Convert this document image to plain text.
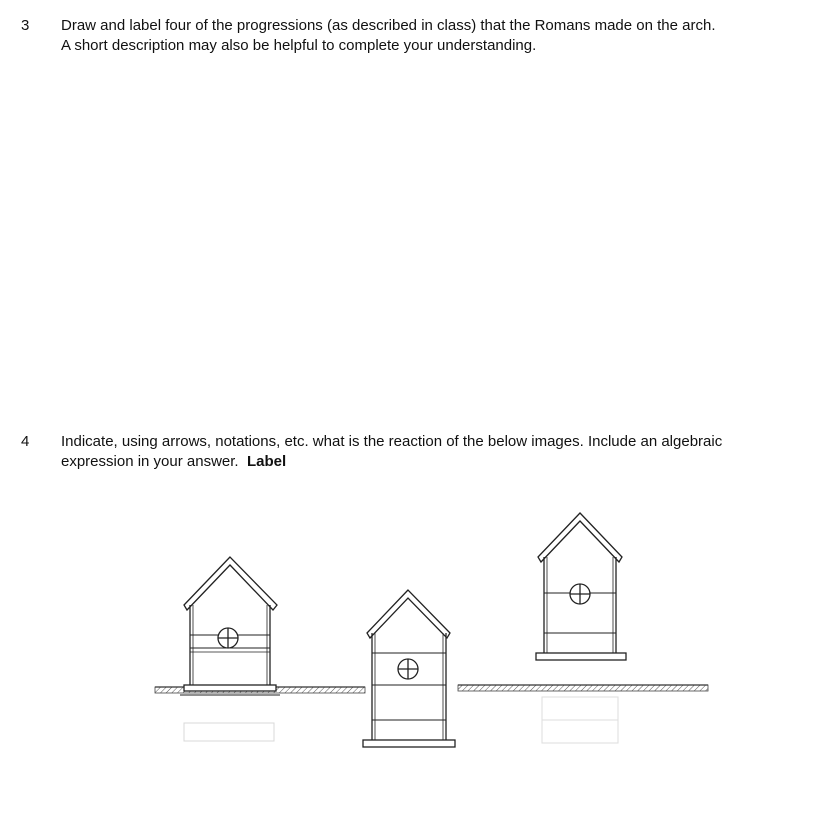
3 Draw and label four of the progressions (as described in class) that the Romans made on the arch.
A short description may also be helpful to complete your understanding.
4 Indicate, using arrows, notations, etc. what is the reaction of the below images. Include an algebraic
expression in your answer.  Label
